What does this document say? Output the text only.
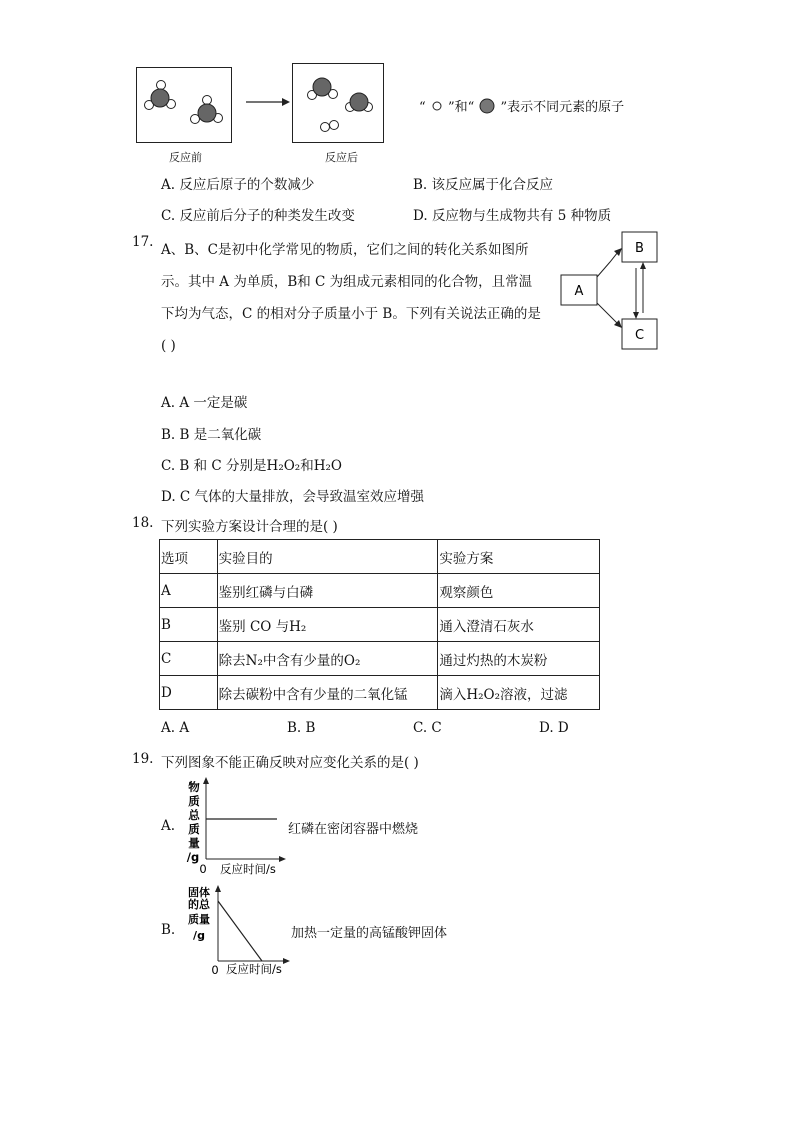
反应前	反应后
“ ”和“ ”表示不同元素的原子
A. 反应后原子的个数减少	B. 该反应属于化合反应
C. 反应前后分子的种类发生改变	D. 反应物与生成物共有 5 种物质
17. A、B、C是初中化学常见的物质，它们之间的转化关系如图所
示。其中 A 为单质，B和 C 为组成元素相同的化合物，且常温
下均为气态，C 的相对分子质量小于 B。下列有关说法正确的是
( )
A
B
C
A. A 一定是碳
B. B 是二氧化碳
C. B 和 C 分别是H₂O₂和H₂O
D. C 气体的大量排放，会导致温室效应增强
18. 下列实验方案设计合理的是( )
选项	实验目的	实验方案
A	鉴别红磷与白磷	观察颜色
B	鉴别 CO 与H₂	通入澄清石灰水
C	除去N₂中含有少量的O₂	通过灼热的木炭粉
D	除去碳粉中含有少量的二氧化锰	滴入H₂O₂溶液，过滤
A. A	B. B	C. C	D. D
19. 下列图象不能正确反映对应变化关系的是( )
A.
物
质
总
质
量
/g
0 反应时间/s
红磷在密闭容器中燃烧
B.
固体
的总
质量
/g
0 反应时间/s
加热一定量的高锰酸钾固体
